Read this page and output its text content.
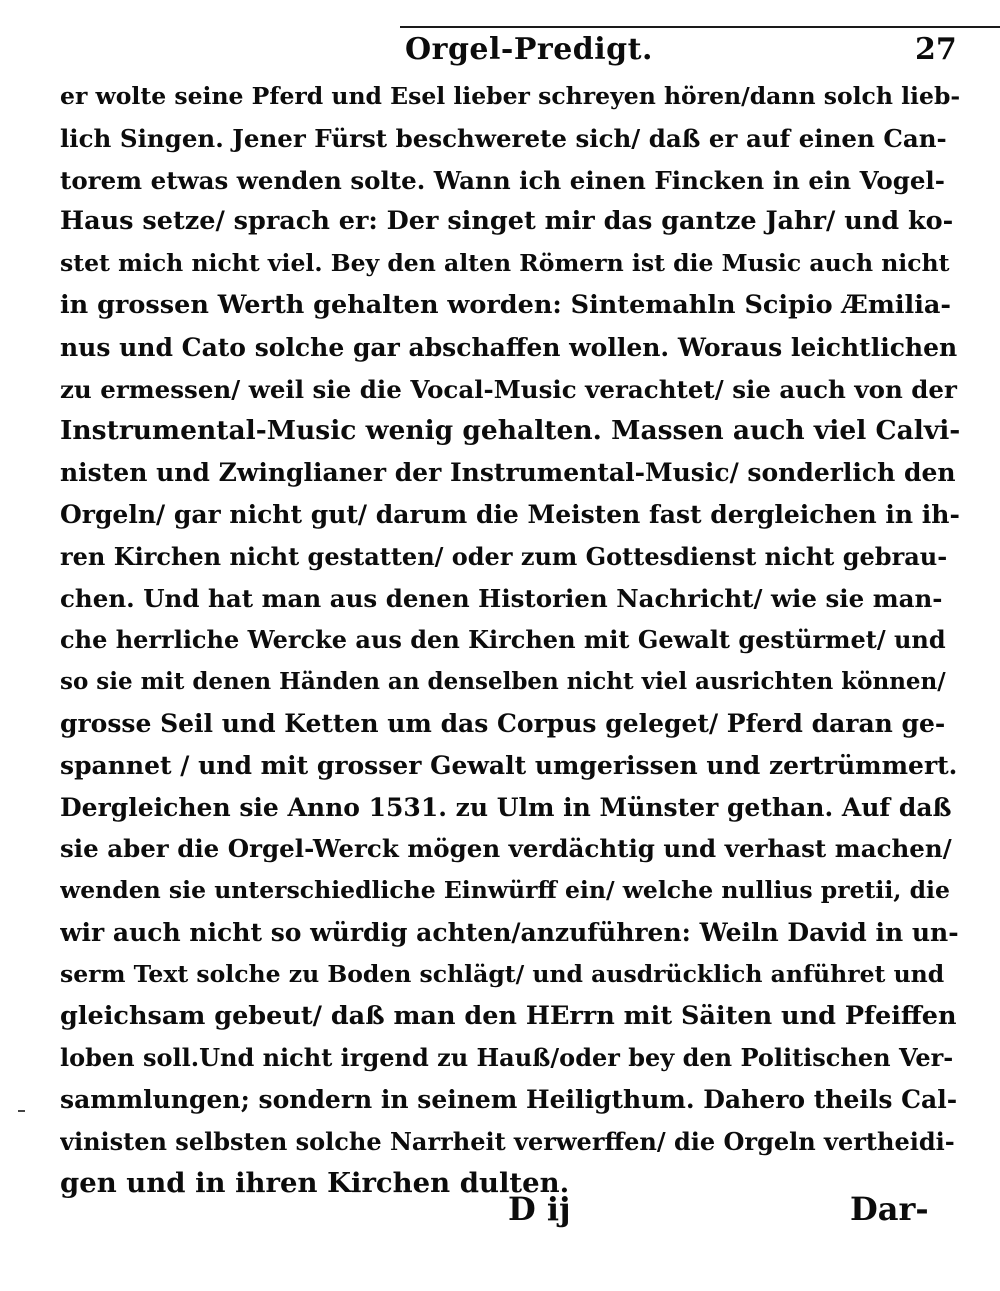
Orgel-Predigt.	27
er wolte seine Pferd und Esel lieber schreyen hören/dann solch lieb-
lich Singen. Jener Fürst beschwerete sich/ daß er auf einen Can-
torem etwas wenden solte. Wann ich einen Fincken in ein Vogel-
Haus setze/ sprach er: Der singet mir das gantze Jahr/ und ko-
stet mich nicht viel. Bey den alten Römern ist die Music auch nicht
in grossen Werth gehalten worden: Sintemahln Scipio Æmilia-
nus und Cato solche gar abschaffen wollen. Woraus leichtlichen
zu ermessen/ weil sie die Vocal-Music verachtet/ sie auch von der
Instrumental-Music wenig gehalten. Massen auch viel Calvi-
nisten und Zwinglianer der Instrumental-Music/ sonderlich den
Orgeln/ gar nicht gut/ darum die Meisten fast dergleichen in ih-
ren Kirchen nicht gestatten/ oder zum Gottesdienst nicht gebrau-
chen. Und hat man aus denen Historien Nachricht/ wie sie man-
che herrliche Wercke aus den Kirchen mit Gewalt gestürmet/ und
so sie mit denen Händen an denselben nicht viel ausrichten können/
grosse Seil und Ketten um das Corpus geleget/ Pferd daran ge-
spannet / und mit grosser Gewalt umgerissen und zertrümmert.
Dergleichen sie Anno 1531. zu Ulm in Münster gethan. Auf daß
sie aber die Orgel-Werck mögen verdächtig und verhast machen/
wenden sie unterschiedliche Einwürff ein/ welche nullius pretii, die
wir auch nicht so würdig achten/anzuführen: Weiln David in un-
serm Text solche zu Boden schlägt/ und ausdrücklich anführet und
gleichsam gebeut/ daß man den HErrn mit Säiten und Pfeiffen
loben soll.Und nicht irgend zu Hauß/oder bey den Politischen Ver-
sammlungen; sondern in seinem Heiligthum. Dahero theils Cal-
vinisten selbsten solche Narrheit verwerffen/ die Orgeln vertheidi-
gen und in ihren Kirchen dulten.
D ij	Dar-
